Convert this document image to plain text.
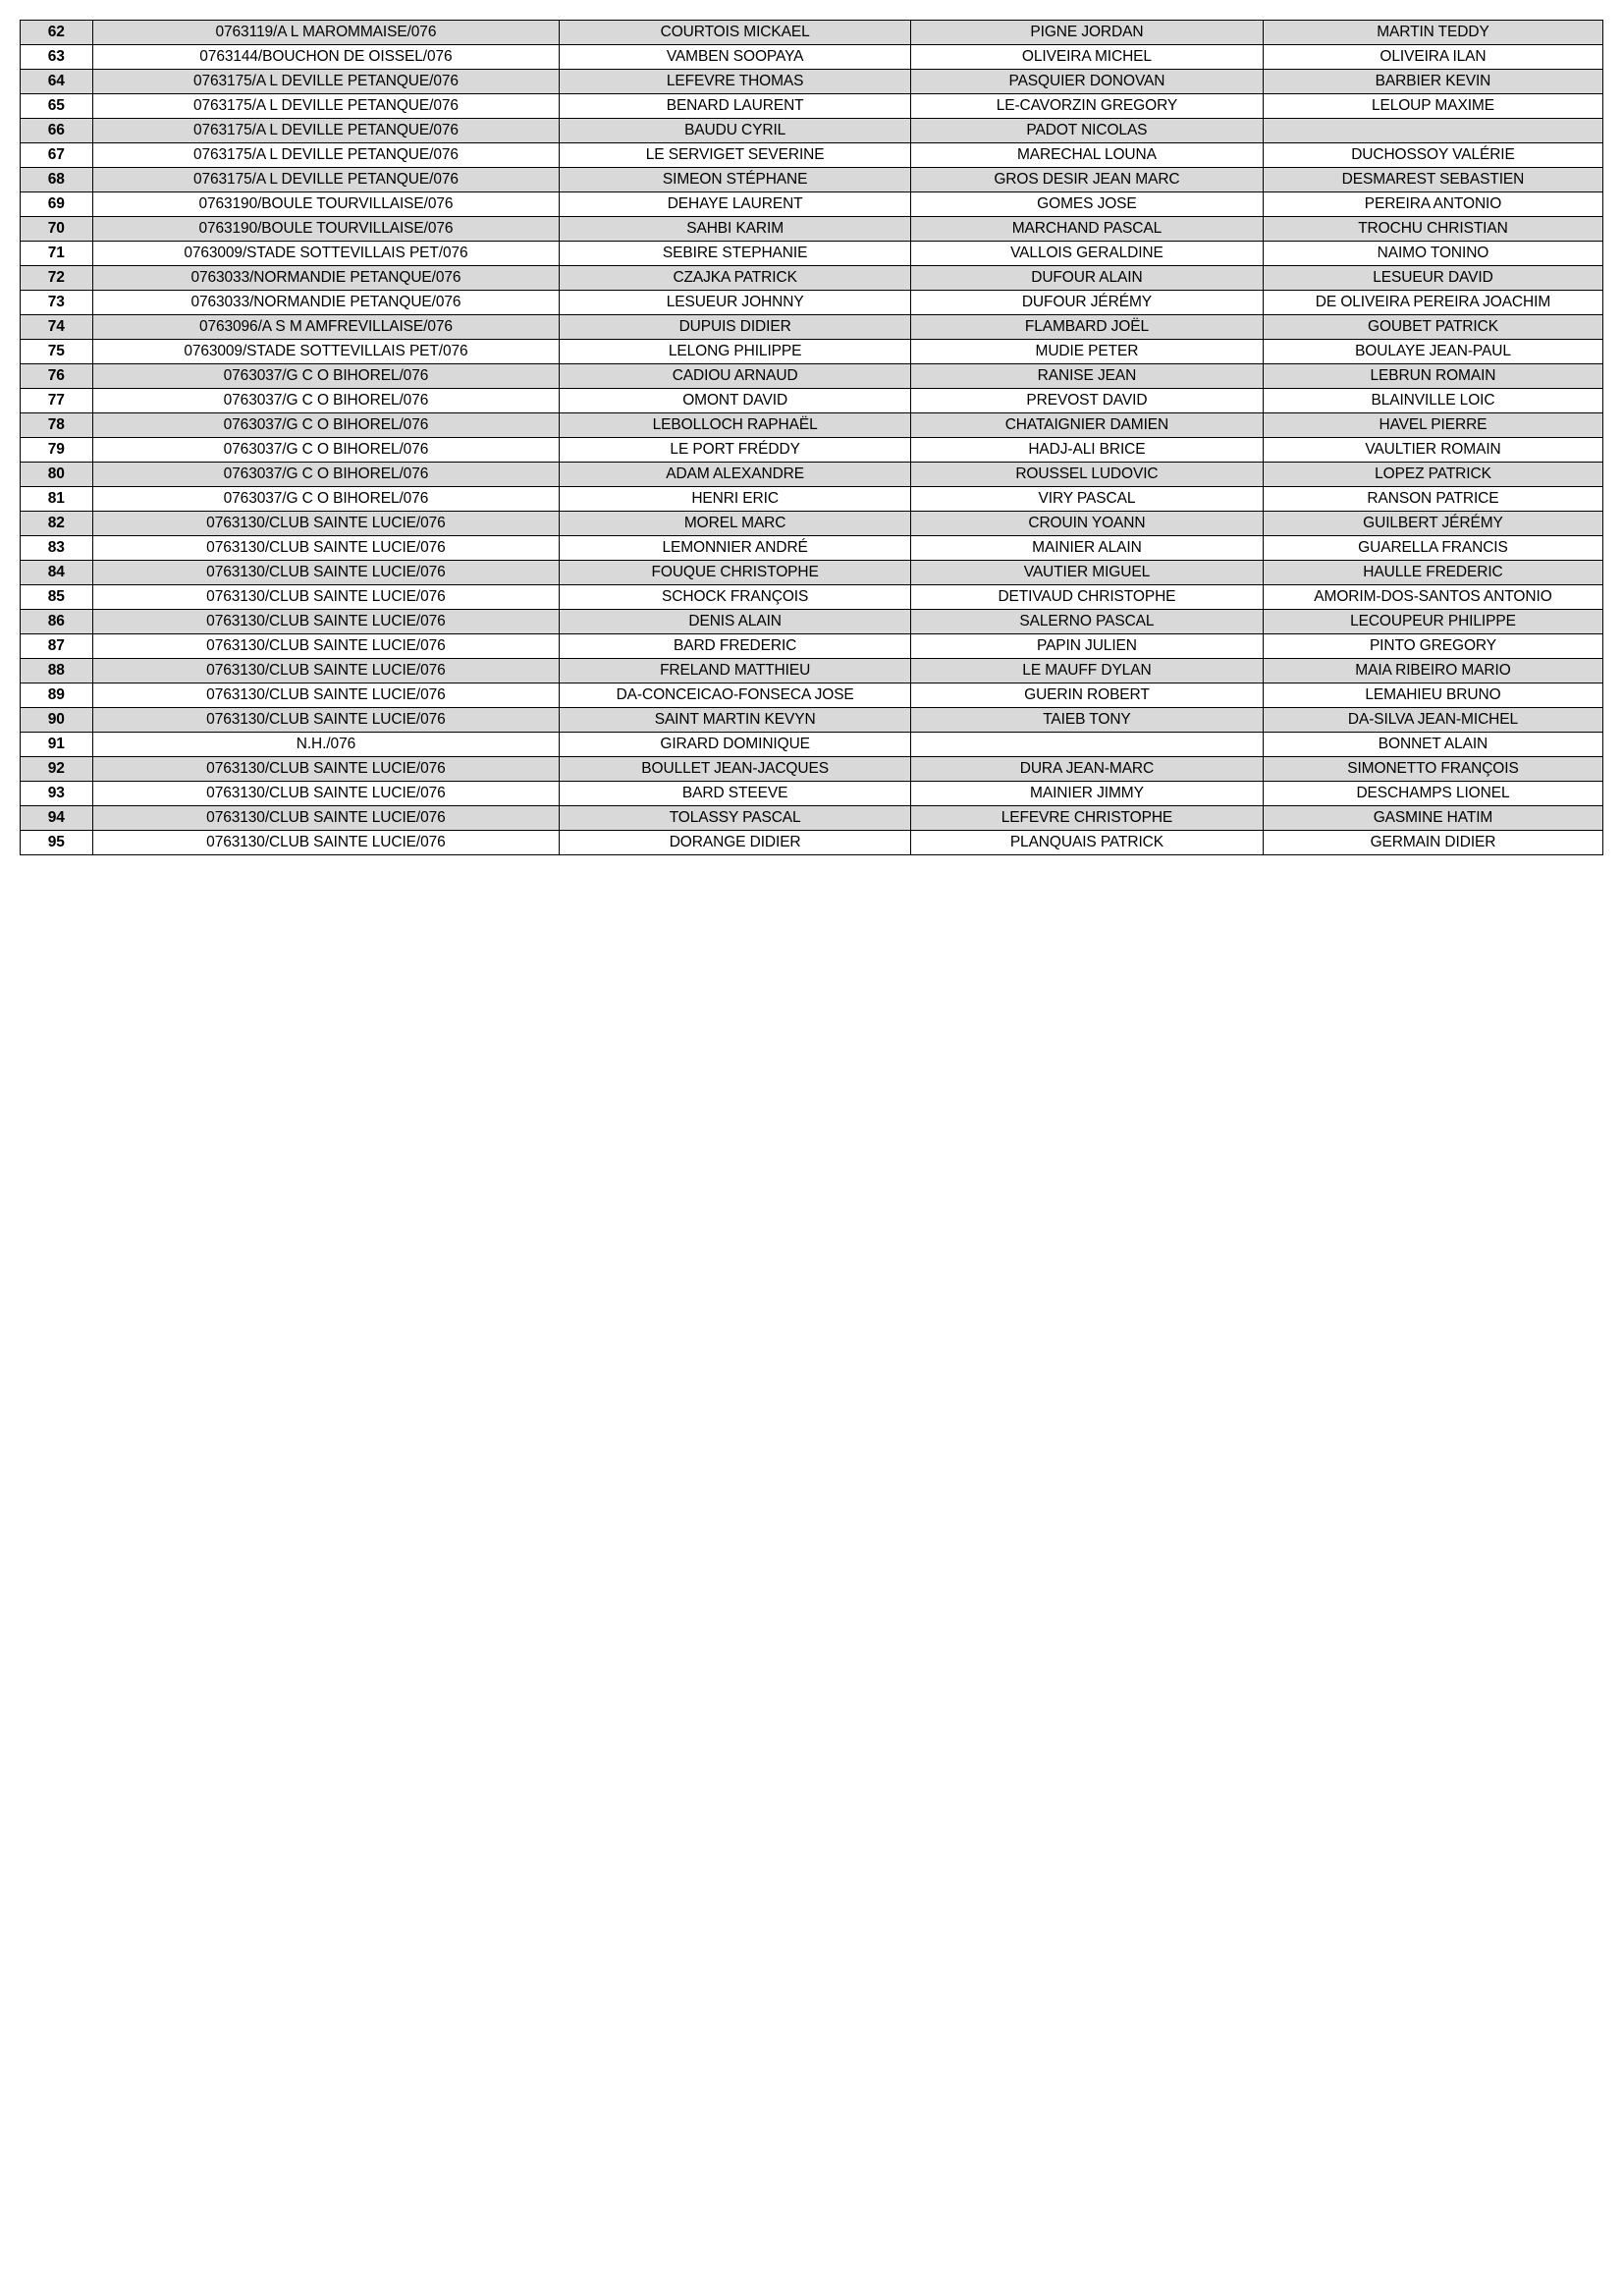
62	0763119/A L MAROMMAISE/076	COURTOIS MICKAEL	PIGNE JORDAN	MARTIN TEDDY
63	0763144/BOUCHON DE OISSEL/076	VAMBEN SOOPAYA	OLIVEIRA MICHEL	OLIVEIRA ILAN
64	0763175/A L DEVILLE PETANQUE/076	LEFEVRE THOMAS	PASQUIER DONOVAN	BARBIER KEVIN
65	0763175/A L DEVILLE PETANQUE/076	BENARD LAURENT	LE-CAVORZIN GREGORY	LELOUP MAXIME
66	0763175/A L DEVILLE PETANQUE/076	BAUDU CYRIL	PADOT NICOLAS	
67	0763175/A L DEVILLE PETANQUE/076	LE SERVIGET SEVERINE	MARECHAL LOUNA	DUCHOSSOY VALÉRIE
68	0763175/A L DEVILLE PETANQUE/076	SIMEON STÉPHANE	GROS DESIR JEAN MARC	DESMAREST SEBASTIEN
69	0763190/BOULE TOURVILLAISE/076	DEHAYE LAURENT	GOMES JOSE	PEREIRA ANTONIO
70	0763190/BOULE TOURVILLAISE/076	SAHBI KARIM	MARCHAND PASCAL	TROCHU CHRISTIAN
71	0763009/STADE SOTTEVILLAIS PET/076	SEBIRE STEPHANIE	VALLOIS GERALDINE	NAIMO TONINO
72	0763033/NORMANDIE PETANQUE/076	CZAJKA PATRICK	DUFOUR ALAIN	LESUEUR DAVID
73	0763033/NORMANDIE PETANQUE/076	LESUEUR JOHNNY	DUFOUR JÉRÉMY	DE OLIVEIRA PEREIRA JOACHIM
74	0763096/A S M AMFREVILLAISE/076	DUPUIS DIDIER	FLAMBARD JOËL	GOUBET PATRICK
75	0763009/STADE SOTTEVILLAIS PET/076	LELONG PHILIPPE	MUDIE PETER	BOULAYE JEAN-PAUL
76	0763037/G C O BIHOREL/076	CADIOU ARNAUD	RANISE JEAN	LEBRUN ROMAIN
77	0763037/G C O BIHOREL/076	OMONT DAVID	PREVOST DAVID	BLAINVILLE LOIC
78	0763037/G C O BIHOREL/076	LEBOLLOCH RAPHAËL	CHATAIGNIER DAMIEN	HAVEL PIERRE
79	0763037/G C O BIHOREL/076	LE PORT FRÉDDY	HADJ-ALI BRICE	VAULTIER ROMAIN
80	0763037/G C O BIHOREL/076	ADAM ALEXANDRE	ROUSSEL LUDOVIC	LOPEZ PATRICK
81	0763037/G C O BIHOREL/076	HENRI ERIC	VIRY PASCAL	RANSON PATRICE
82	0763130/CLUB SAINTE LUCIE/076	MOREL MARC	CROUIN YOANN	GUILBERT JÉRÉMY
83	0763130/CLUB SAINTE LUCIE/076	LEMONNIER ANDRÉ	MAINIER ALAIN	GUARELLA FRANCIS
84	0763130/CLUB SAINTE LUCIE/076	FOUQUE CHRISTOPHE	VAUTIER MIGUEL	HAULLE FREDERIC
85	0763130/CLUB SAINTE LUCIE/076	SCHOCK FRANÇOIS	DETIVAUD CHRISTOPHE	AMORIM-DOS-SANTOS ANTONIO
86	0763130/CLUB SAINTE LUCIE/076	DENIS ALAIN	SALERNO PASCAL	LECOUPEUR PHILIPPE
87	0763130/CLUB SAINTE LUCIE/076	BARD FREDERIC	PAPIN JULIEN	PINTO GREGORY
88	0763130/CLUB SAINTE LUCIE/076	FRELAND MATTHIEU	LE MAUFF DYLAN	MAIA RIBEIRO MARIO
89	0763130/CLUB SAINTE LUCIE/076	DA-CONCEICAO-FONSECA JOSE	GUERIN ROBERT	LEMAHIEU BRUNO
90	0763130/CLUB SAINTE LUCIE/076	SAINT MARTIN KEVYN	TAIEB TONY	DA-SILVA JEAN-MICHEL
91	N.H./076	GIRARD DOMINIQUE		BONNET ALAIN
92	0763130/CLUB SAINTE LUCIE/076	BOULLET JEAN-JACQUES	DURA JEAN-MARC	SIMONETTO FRANÇOIS
93	0763130/CLUB SAINTE LUCIE/076	BARD STEEVE	MAINIER JIMMY	DESCHAMPS LIONEL
94	0763130/CLUB SAINTE LUCIE/076	TOLASSY PASCAL	LEFEVRE CHRISTOPHE	GASMINE HATIM
95	0763130/CLUB SAINTE LUCIE/076	DORANGE DIDIER	PLANQUAIS PATRICK	GERMAIN DIDIER
